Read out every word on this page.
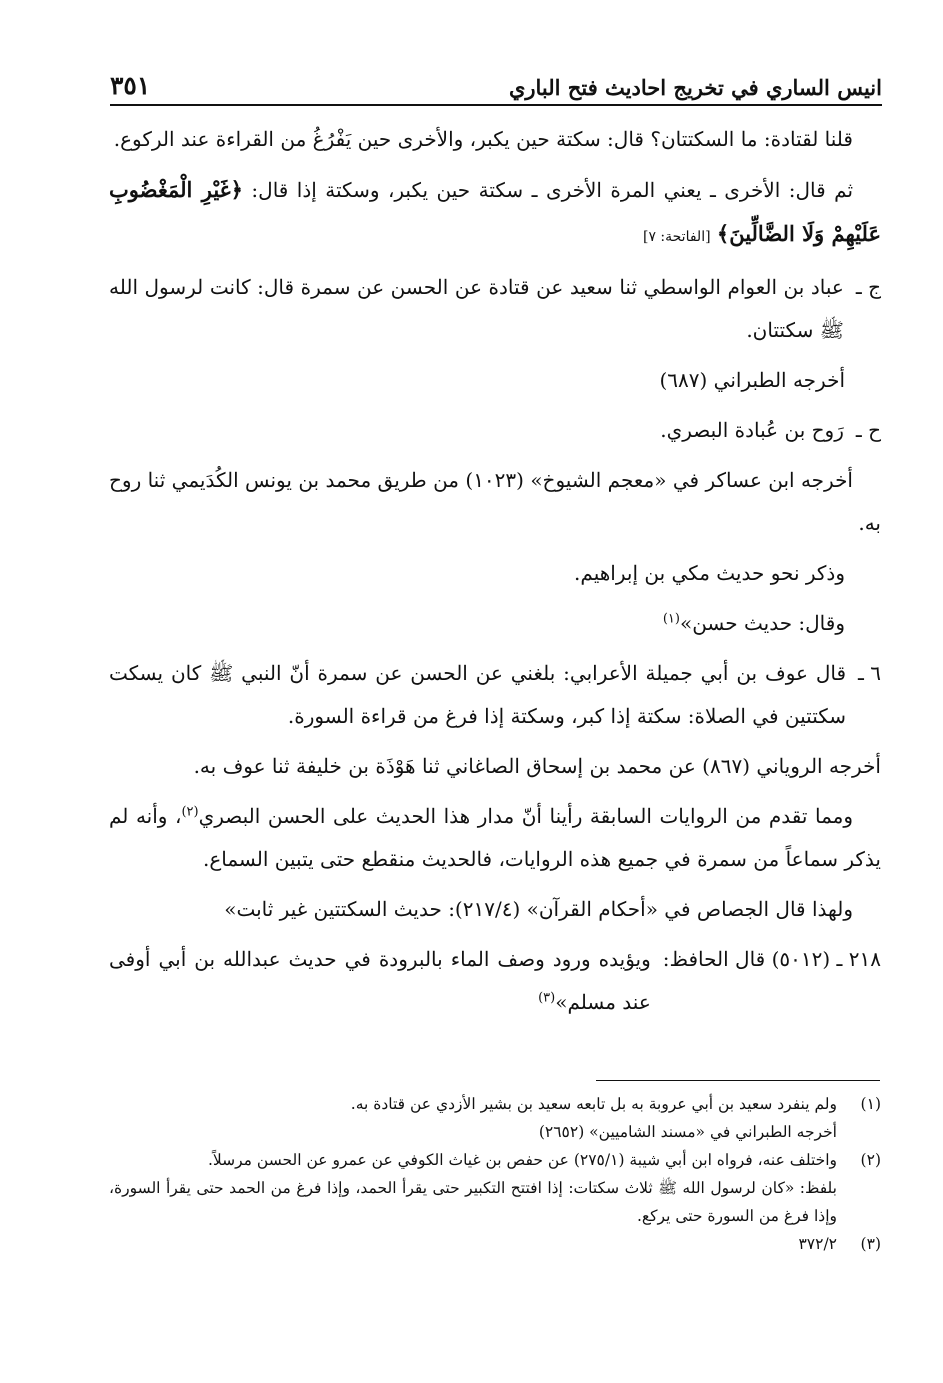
انيس الساري في تخريج احاديث فتح الباري
٣٥١

قلنا لقتادة: ما السكتتان؟ قال: سكتة حين يكبر، والأخرى حين يَفْرُغُ من القراءة عند الركوع.

ثم قال: الأخرى ـ يعني المرة الأخرى ـ سكتة حين يكبر، وسكتة إذا قال: ﴿غَيْرِ الْمَغْضُوبِ عَلَيْهِمْ وَلَا الضَّالِّينَ﴾ [الفاتحة: ٧]

ج ـ
عباد بن العوام الواسطي ثنا سعيد عن قتادة عن الحسن عن سمرة قال: كانت لرسول الله ﷺ سكتتان.

أخرجه الطبراني (٦٨٧)

ح ـ
رَوح بن عُبادة البصري.

أخرجه ابن عساكر في «معجم الشيوخ» (١٠٢٣) من طريق محمد بن يونس الكُدَيمي ثنا روح به.

وذكر نحو حديث مكي بن إبراهيم.

وقال: حديث حسن»$^{(١)}$

٦ ـ
قال عوف بن أبي جميلة الأعرابي: بلغني عن الحسن عن سمرة أنّ النبي ﷺ كان يسكت سكتتين في الصلاة: سكتة إذا كبر، وسكتة إذا فرغ من قراءة السورة.

أخرجه الروياني (٨٦٧) عن محمد بن إسحاق الصاغاني ثنا هَوْذَة بن خليفة ثنا عوف به.

ومما تقدم من الروايات السابقة رأينا أنّ مدار هذا الحديث على الحسن البصري$^{(٢)}$، وأنه لم يذكر سماعاً من سمرة في جميع هذه الروايات، فالحديث منقطع حتى يتبين السماع.

ولهذا قال الجصاص في «أحكام القرآن» (٢١٧/٤): حديث السكتتين غير ثابت»

٢١٨ ـ (٥٠١٢) قال الحافظ:
ويؤيده ورود وصف الماء بالبرودة في حديث عبدالله بن أبي أوفى عند مسلم»$^{(٣)}$
(١)
ولم ينفرد سعيد بن أبي عروبة به بل تابعه سعيد بن بشير الأزدي عن قتادة به.
أخرجه الطبراني في «مسند الشاميين» (٢٦٥٢)
(٢)
واختلف عنه، فرواه ابن أبي شيبة (٢٧٥/١) عن حفص بن غياث الكوفي عن عمرو عن الحسن مرسلاً.
بلفظ: «كان لرسول الله ﷺ ثلاث سكتات: إذا افتتح التكبير حتى يقرأ الحمد، وإذا فرغ من الحمد حتى يقرأ السورة، وإذا فرغ من السورة حتى يركع.
(٣)
٣٧٢/٢
